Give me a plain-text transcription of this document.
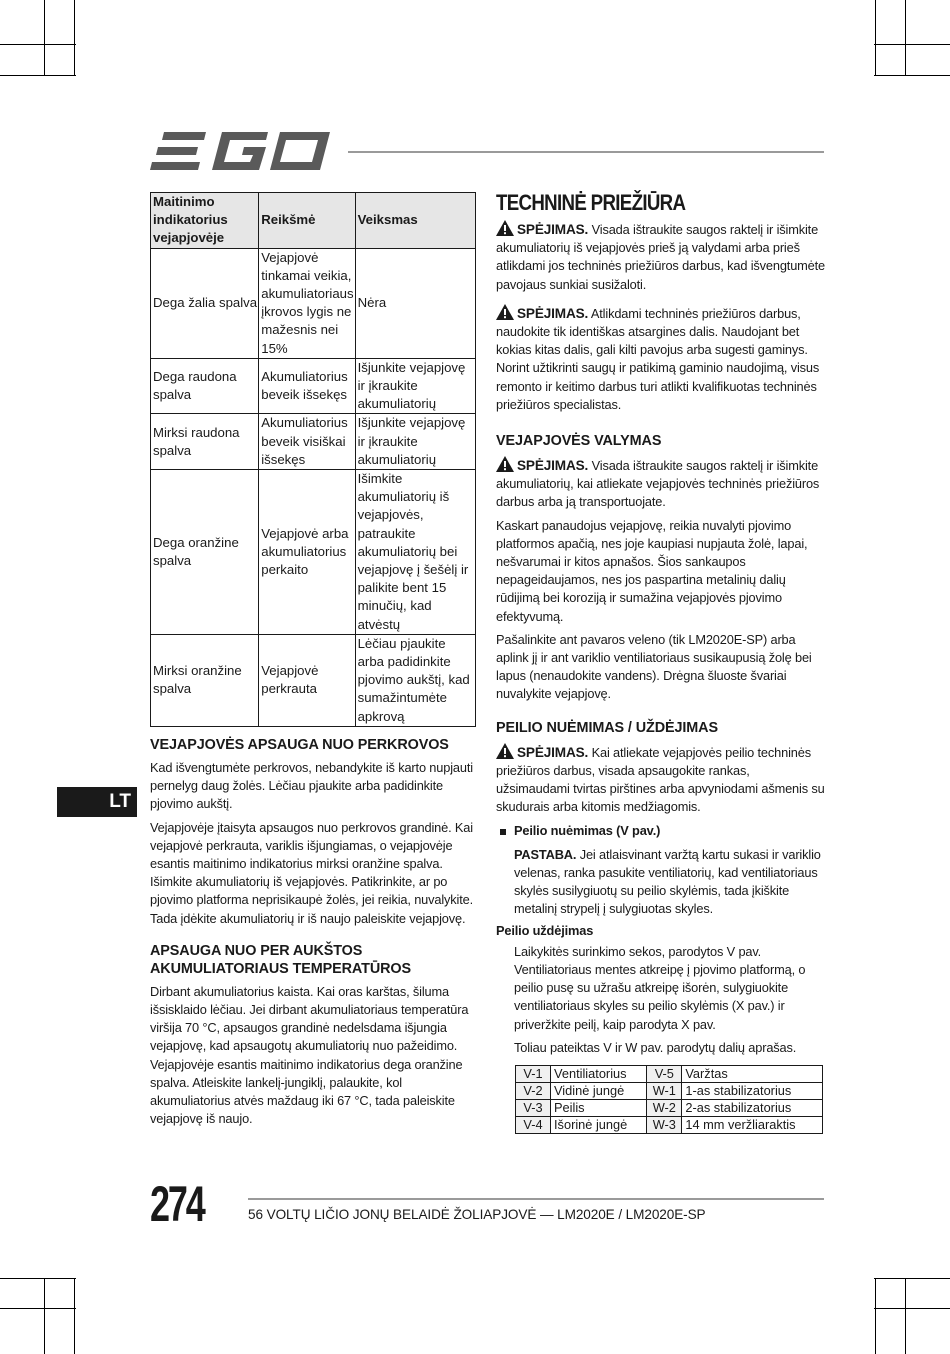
LT
Maitinimo indikatorius vejapjovėje	Reikšmė	Veiksmas
Dega žalia spalva	Vejapjovė tinkamai veikia, akumuliatoriaus įkrovos lygis ne mažesnis nei 15%	Nėra
Dega raudona spalva	Akumuliatorius beveik išsekęs	Išjunkite vejapjovę ir įkraukite akumuliatorių
Mirksi raudona spalva	Akumuliatorius beveik visiškai išsekęs	Išjunkite vejapjovę ir įkraukite akumuliatorių
Dega oranžine spalva	Vejapjovė arba akumuliatorius perkaito	Išimkite akumuliatorių iš vejapjovės, patraukite akumuliatorių bei vejapjovę į šešėlį ir palikite bent 15 minučių, kad atvėstų
Mirksi oranžine spalva	Vejapjovė perkrauta	Lėčiau pjaukite arba padidinkite pjovimo aukštį, kad sumažintumėte apkrovą
VEJAPJOVĖS APSAUGA NUO PERKROVOS

Kad išvengtumėte perkrovos, nebandykite iš karto nupjauti pernelyg daug žolės. Lėčiau pjaukite arba padidinkite pjovimo aukštį.

Vejapjovėje įtaisyta apsaugos nuo perkrovos grandinė. Kai vejapjovė perkrauta, variklis išjungiamas, o vejapjovėje esantis maitinimo indikatorius mirksi oranžine spalva. Išimkite akumuliatorių iš vejapjovės. Patikrinkite, ar po pjovimo platforma neprisikaupė žolės, jei reikia, nuvalykite. Tada įdėkite akumuliatorių ir iš naujo paleiskite vejapjovę.

APSAUGA NUO PER AUKŠTOS AKUMULIATORIAUS TEMPERATŪROS

Dirbant akumuliatorius kaista. Kai oras karštas, šiluma išsisklaido lėčiau. Jei dirbant akumuliatoriaus temperatūra viršija 70 °C, apsaugos grandinė nedelsdama išjungia vejapjovę, kad apsaugotų akumuliatorių nuo pažeidimo. Vejapjovėje esantis maitinimo indikatorius dega oranžine spalva. Atleiskite lankelį-jungiklį, palaukite, kol akumuliatorius atvės maždaug iki 67 °C, tada paleiskite vejapjovę iš naujo.

TECHNINĖ PRIEŽIŪRA

SPĖJIMAS. Visada ištraukite saugos raktelį ir išimkite akumuliatorių iš vejapjovės prieš ją valydami arba prieš atlikdami jos techninės priežiūros darbus, kad išvengtumėte pavojaus sunkiai susižaloti.

SPĖJIMAS. Atlikdami techninės priežiūros darbus, naudokite tik identiškas atsargines dalis. Naudojant bet kokias kitas dalis, gali kilti pavojus arba sugesti gaminys. Norint užtikrinti saugų ir patikimą gaminio naudojimą, visus remonto ir keitimo darbus turi atlikti kvalifikuotas techninės priežiūros specialistas.

VEJAPJOVĖS VALYMAS

SPĖJIMAS. Visada ištraukite saugos raktelį ir išimkite akumuliatorių, kai atliekate vejapjovės techninės priežiūros darbus arba ją transportuojate.

Kaskart panaudojus vejapjovę, reikia nuvalyti pjovimo platformos apačią, nes joje kaupiasi nupjauta žolė, lapai, nešvarumai ir kitos apnašos. Šios sankaupos nepageidaujamos, nes jos paspartina metalinių dalių rūdijimą bei koroziją ir sumažina vejapjovės pjovimo efektyvumą.

Pašalinkite ant pavaros veleno (tik LM2020E-SP) arba aplink jį ir ant variklio ventiliatoriaus susikaupusią žolę bei lapus (nenaudokite vandens). Drėgna šluoste švariai nuvalykite vejapjovę.

PEILIO NUĖMIMAS / UŽDĖJIMAS

SPĖJIMAS. Kai atliekate vejapjovės peilio techninės priežiūros darbus, visada apsaugokite rankas, užsimaudami tvirtas pirštines arba apvyniodami ašmenis su skudurais arba kitomis medžiagomis.

Peilio nuėmimas (V pav.)

PASTABA. Jei atlaisvinant varžtą kartu sukasi ir variklio velenas, ranka pasukite ventiliatorių, kad ventiliatoriaus skylės susilygiuotų su peilio skylėmis, tada įkiškite metalinį strypelį į sulygiuotas skyles.

Peilio uždėjimas

Laikykitės surinkimo sekos, parodytos V pav. Ventiliatoriaus mentes atkreipę į pjovimo platformą, o peilio pusę su užrašu atkreipę išorėn, sulygiuokite ventiliatoriaus skyles su peilio skylėmis (X pav.) ir priveržkite peilį, kaip parodyta X pav.

Toliau pateiktas V ir W pav. parodytų dalių aprašas.

V-1	Ventiliatorius	V-5	Varžtas
V-2	Vidinė jungė	W-1	1-as stabilizatorius
V-3	Peilis	W-2	2-as stabilizatorius
V-4	Išorinė jungė	W-3	14 mm veržliaraktis
274	56 VOLTŲ LIČIO JONŲ BELAIDĖ ŽOLIAPJOVĖ — LM2020E / LM2020E-SP
